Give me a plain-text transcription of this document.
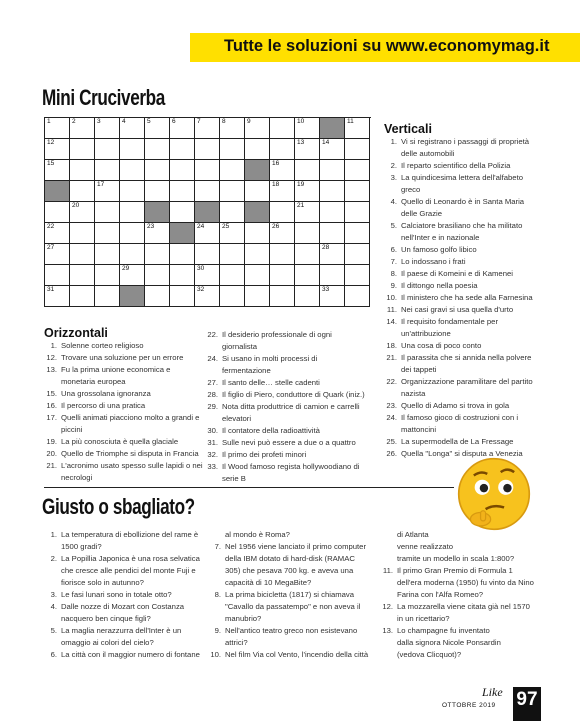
Tutte le soluzioni su www.economymag.it
Mini Cruciverba
1	2	3	4	5	6	7	8	9	10	11
12	13	14
15	16
17	18	19
20	21
22	23	24	25	26
27	28
29	30
31	32	33
Orizzontali
1. Solenne corteo religioso
12. Trovare una soluzione per un errore
13. Fu la prima unione economica e
monetaria europea
15. Una grossolana ignoranza
16. Il percorso di una pratica
17. Quelli animati piacciono molto a grandi e
piccini
19. La più conosciuta è quella glaciale
20. Quello de Triomphe si disputa in Francia
21. L'acronimo usato spesso sulle lapidi o nei
necrologi
22. Il desiderio professionale di ogni
giornalista
24. Si usano in molti processi di
fermentazione
27. Il santo delle… stelle cadenti
28. Il figlio di Piero, conduttore di Quark (iniz.)
29. Nota ditta produttrice di camion e carrelli
elevatori
30. Il contatore della radioattività
31. Sulle nevi può essere a due o a quattro
32. Il primo dei profeti minori
33. Il Wood famoso regista hollywoodiano di
serie B
Verticali
1. Vi si registrano i passaggi di proprietà
delle automobili
2. Il reparto scientifico della Polizia
3. La quindicesima lettera dell'alfabeto
greco
4. Quello di Leonardo è in Santa Maria
delle Grazie
5. Calciatore brasiliano che ha militato
nell'Inter e in nazionale
6. Un famoso golfo libico
7. Lo indossano i frati
8. Il paese di Komeini e di Kamenei
9. Il dittongo nella poesia
10. Il ministero che ha sede alla Farnesina
11. Nei casi gravi si usa quella d'urto
14. Il requisito fondamentale per
un'attribuzione
18. Una cosa di poco conto
21. Il parassita che si annida nella polvere
dei tappeti
22. Organizzazione paramilitare del partito
nazista
23. Quello di Adamo si trova in gola
24. Il famoso gioco di costruzioni con i
mattoncini
25. La supermodella de La Fressage
26. Quella "Longa" si disputa a Venezia
Giusto o sbagliato?
1. La temperatura di ebollizione del rame è
1500 gradi?
2. La Popillia Japonica è una rosa selvatica
che cresce alle pendici del monte Fuji e
fiorisce solo in autunno?
3. Le fasi lunari sono in totale otto?
4. Dalle nozze di Mozart con Costanza
nacquero ben cinque figli?
5. La maglia nerazzurra dell'Inter è un
omaggio ai colori del cielo?
6. La città con il maggior numero di fontane
al mondo è Roma?
7. Nel 1956 viene lanciato il primo computer
della IBM dotato di hard-disk (RAMAC
305) che pesava 700 kg. e aveva una
capacità di 10 MegaBite?
8. La prima bicicletta (1817) si chiamava
"Cavallo da passatempo" e non aveva il
manubrio?
9. Nell'antico teatro greco non esistevano
attrici?
10. Nel film Via col Vento, l'incendio della città
di Atlanta
venne realizzato
tramite un modello in scala 1:800?
11. Il primo Gran Premio di Formula 1
dell'era moderna (1950) fu vinto da Nino
Farina con l'Alfa Romeo?
12. La mozzarella viene citata già nel 1570
in un ricettario?
13. Lo champagne fu inventato
dalla signora Nicole Ponsardin
(vedova Clicquot)?
Like
OTTOBRE 2019 97
